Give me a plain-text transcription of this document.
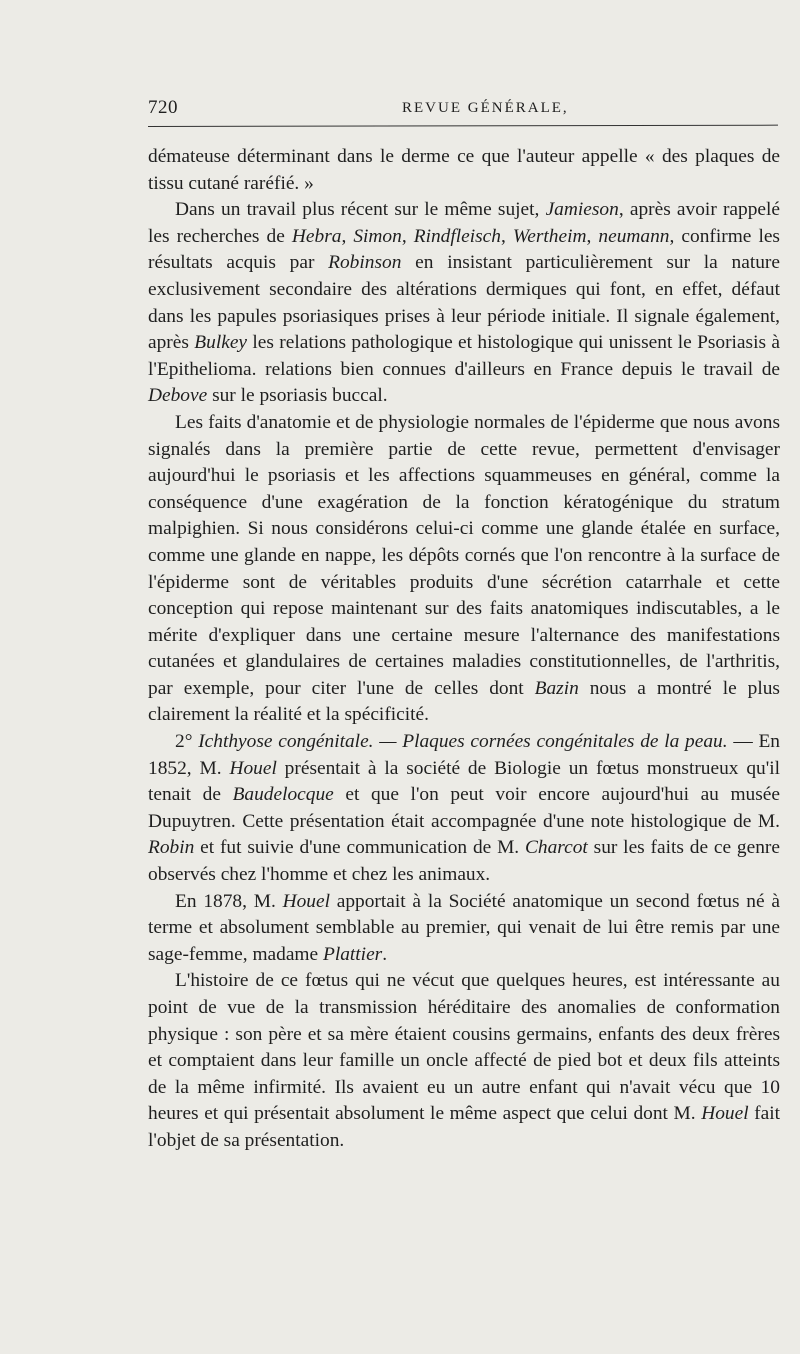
720	REVUE GÉNÉRALE,

démateuse déterminant dans le derme ce que l'auteur appelle « des plaques de tissu cutané raréfié. »

Dans un travail plus récent sur le même sujet, Jamieson, après avoir rappelé les recherches de Hebra, Simon, Rindfleisch, Wertheim, neumann, confirme les résultats acquis par Robinson en insistant particulièrement sur la nature exclusivement secondaire des altérations dermiques qui font, en effet, défaut dans les papules psoriasiques prises à leur période initiale. Il signale également, après Bulkey les relations pathologique et histologique qui unissent le Psoriasis à l'Epithelioma. relations bien connues d'ailleurs en France depuis le travail de Debove sur le psoriasis buccal.

Les faits d'anatomie et de physiologie normales de l'épiderme que nous avons signalés dans la première partie de cette revue, permettent d'envisager aujourd'hui le psoriasis et les affections squammeuses en général, comme la conséquence d'une exagération de la fonction kératogénique du stratum malpighien. Si nous considérons celui-ci comme une glande étalée en surface, comme une glande en nappe, les dépôts cornés que l'on rencontre à la surface de l'épiderme sont de véritables produits d'une sécrétion catarrhale et cette conception qui repose maintenant sur des faits anatomiques indiscutables, a le mérite d'expliquer dans une certaine mesure l'alternance des manifestations cutanées et glandulaires de certaines maladies constitutionnelles, de l'arthritis, par exemple, pour citer l'une de celles dont Bazin nous a montré le plus clairement la réalité et la spécificité.

2° Ichthyose congénitale. — Plaques cornées congénitales de la peau. — En 1852, M. Houel présentait à la société de Biologie un fœtus monstrueux qu'il tenait de Baudelocque et que l'on peut voir encore aujourd'hui au musée Dupuytren. Cette présentation était accompagnée d'une note histologique de M. Robin et fut suivie d'une communication de M. Charcot sur les faits de ce genre observés chez l'homme et chez les animaux.

En 1878, M. Houel apportait à la Société anatomique un second fœtus né à terme et absolument semblable au premier, qui venait de lui être remis par une sage-femme, madame Plattier.

L'histoire de ce fœtus qui ne vécut que quelques heures, est intéressante au point de vue de la transmission héréditaire des anomalies de conformation physique : son père et sa mère étaient cousins germains, enfants des deux frères et comptaient dans leur famille un oncle affecté de pied bot et deux fils atteints de la même infirmité. Ils avaient eu un autre enfant qui n'avait vécu que 10 heures et qui présentait absolument le même aspect que celui dont M. Houel fait l'objet de sa présentation.
